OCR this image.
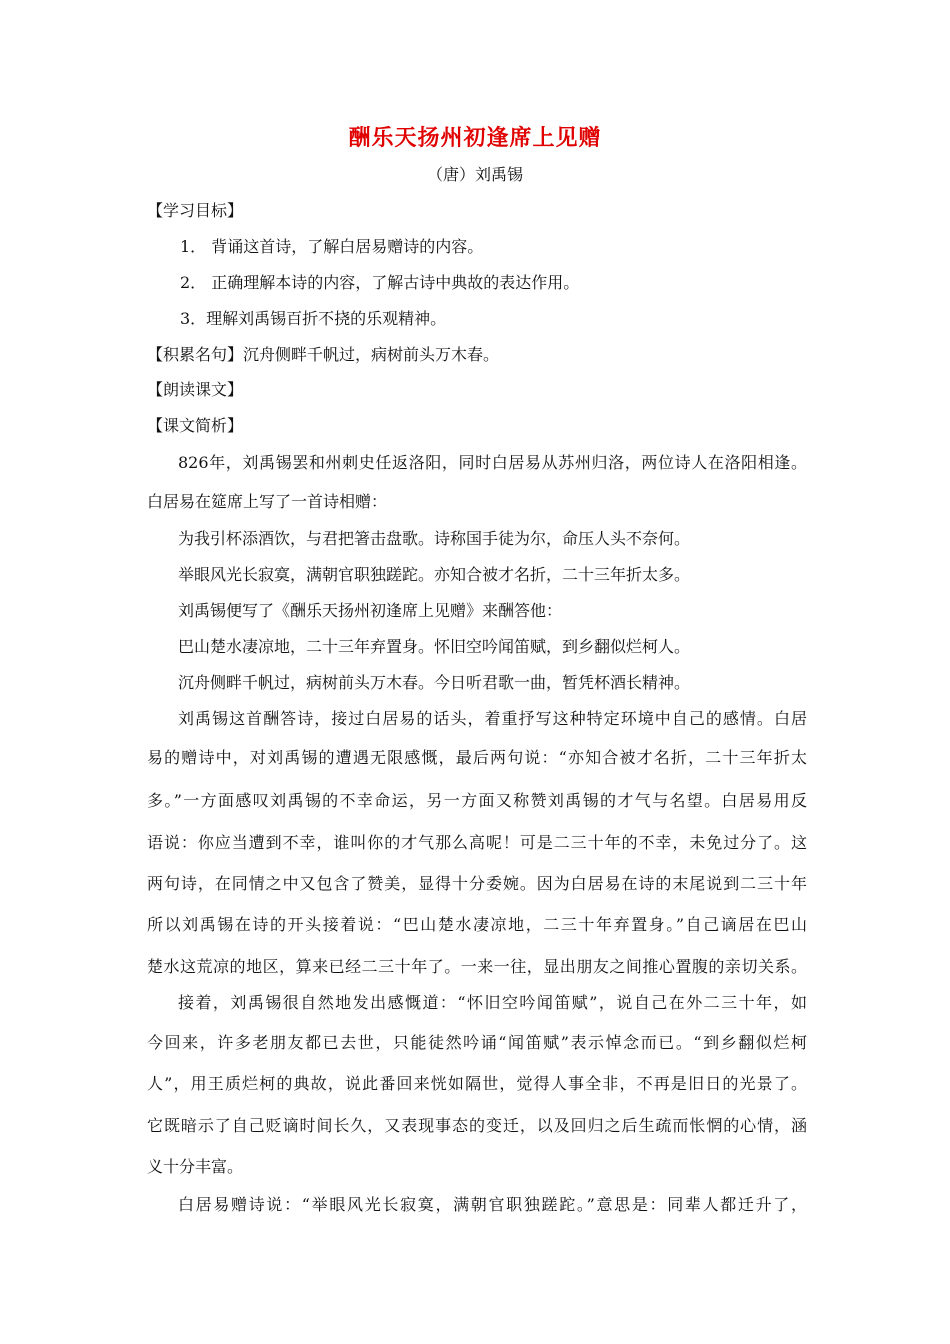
酬乐天扬州初逢席上见赠
（唐）刘禹锡
【学习目标】
1． 背诵这首诗，了解白居易赠诗的内容。
2． 正确理解本诗的内容，了解古诗中典故的表达作用。
3．理解刘禹锡百折不挠的乐观精神。
【积累名句】沉舟侧畔千帆过，病树前头万木春。
【朗读课文】
【课文简析】
826年，刘禹锡罢和州刺史任返洛阳，同时白居易从苏州归洛，两位诗人在洛阳相逢。
白居易在筵席上写了一首诗相赠：
为我引杯添酒饮，与君把箸击盘歌。诗称国手徒为尔，命压人头不奈何。
举眼风光长寂寞，满朝官职独蹉跎。亦知合被才名折，二十三年折太多。
刘禹锡便写了《酬乐天扬州初逢席上见赠》来酬答他：
巴山楚水凄凉地，二十三年弃置身。怀旧空吟闻笛赋，到乡翻似烂柯人。
沉舟侧畔千帆过，病树前头万木春。今日听君歌一曲，暂凭杯酒长精神。
刘禹锡这首酬答诗，接过白居易的话头，着重抒写这种特定环境中自己的感情。白居
易的赠诗中，对刘禹锡的遭遇无限感慨，最后两句说：“亦知合被才名折，二十三年折太
多。”一方面感叹刘禹锡的不幸命运，另一方面又称赞刘禹锡的才气与名望。白居易用反
语说：你应当遭到不幸，谁叫你的才气那么高呢！可是二三十年的不幸，未免过分了。这
两句诗，在同情之中又包含了赞美，显得十分委婉。因为白居易在诗的末尾说到二三十年
所以刘禹锡在诗的开头接着说：“巴山楚水凄凉地，二三十年弃置身。”自己谪居在巴山
楚水这荒凉的地区，算来已经二三十年了。一来一往，显出朋友之间推心置腹的亲切关系。
接着，刘禹锡很自然地发出感慨道：“怀旧空吟闻笛赋”，说自己在外二三十年，如
今回来，许多老朋友都已去世，只能徒然吟诵“闻笛赋”表示悼念而已。“到乡翻似烂柯
人”，用王质烂柯的典故，说此番回来恍如隔世，觉得人事全非，不再是旧日的光景了。
它既暗示了自己贬谪时间长久，又表现事态的变迁，以及回归之后生疏而怅惘的心情，涵
义十分丰富。
白居易赠诗说：“举眼风光长寂寞，满朝官职独蹉跎。”意思是：同辈人都迁升了，
